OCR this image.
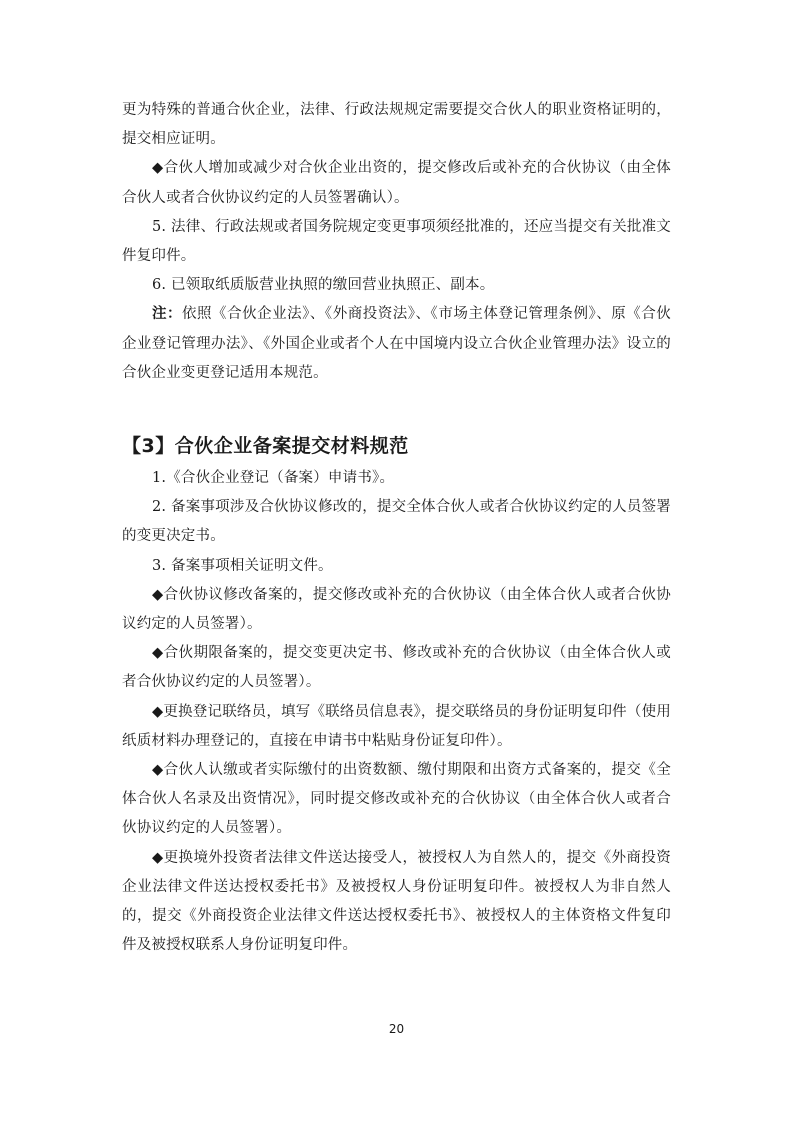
更为特殊的普通合伙企业，法律、行政法规规定需要提交合伙人的职业资格证明的，提交相应证明。

◆合伙人增加或减少对合伙企业出资的，提交修改后或补充的合伙协议（由全体合伙人或者合伙协议约定的人员签署确认）。

5. 法律、行政法规或者国务院规定变更事项须经批准的，还应当提交有关批准文件复印件。

6. 已领取纸质版营业执照的缴回营业执照正、副本。

注：依照《合伙企业法》、《外商投资法》、《市场主体登记管理条例》、原《合伙企业登记管理办法》、《外国企业或者个人在中国境内设立合伙企业管理办法》设立的合伙企业变更登记适用本规范。

【3】合伙企业备案提交材料规范

1.《合伙企业登记（备案）申请书》。

2. 备案事项涉及合伙协议修改的，提交全体合伙人或者合伙协议约定的人员签署的变更决定书。

3. 备案事项相关证明文件。

◆合伙协议修改备案的，提交修改或补充的合伙协议（由全体合伙人或者合伙协议约定的人员签署）。

◆合伙期限备案的，提交变更决定书、修改或补充的合伙协议（由全体合伙人或者合伙协议约定的人员签署）。

◆更换登记联络员，填写《联络员信息表》，提交联络员的身份证明复印件（使用纸质材料办理登记的，直接在申请书中粘贴身份证复印件）。

◆合伙人认缴或者实际缴付的出资数额、缴付期限和出资方式备案的，提交《全体合伙人名录及出资情况》，同时提交修改或补充的合伙协议（由全体合伙人或者合伙协议约定的人员签署）。

◆更换境外投资者法律文件送达接受人，被授权人为自然人的，提交《外商投资企业法律文件送达授权委托书》及被授权人身份证明复印件。被授权人为非自然人的，提交《外商投资企业法律文件送达授权委托书》、被授权人的主体资格文件复印件及被授权联系人身份证明复印件。

20
